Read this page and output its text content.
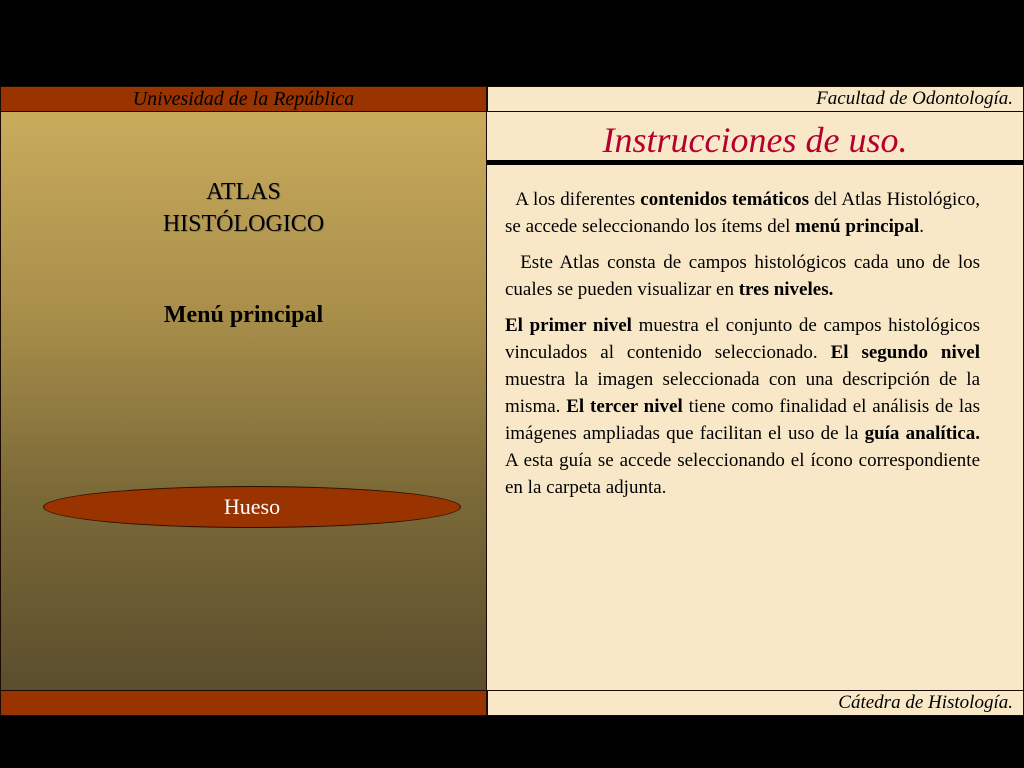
Univesidad de la República	Facultad de Odontología.
ATLAS
HISTÓLOGICO
Menú principal
Hueso
Instrucciones de uso.

A los diferentes contenidos temáticos del Atlas Histológico, se accede seleccionando los ítems del menú principal.

Este Atlas consta de campos histológicos cada uno de los cuales se pueden visualizar en tres niveles.

El primer nivel muestra el conjunto de campos histológicos vinculados al contenido seleccionado. El segundo nivel muestra la imagen seleccionada con una descripción de la misma. El tercer nivel tiene como finalidad el análisis de las imágenes ampliadas que facilitan el uso de la guía analítica. A esta guía se accede seleccionando el ícono correspondiente en la carpeta adjunta.

Cátedra de Histología.
